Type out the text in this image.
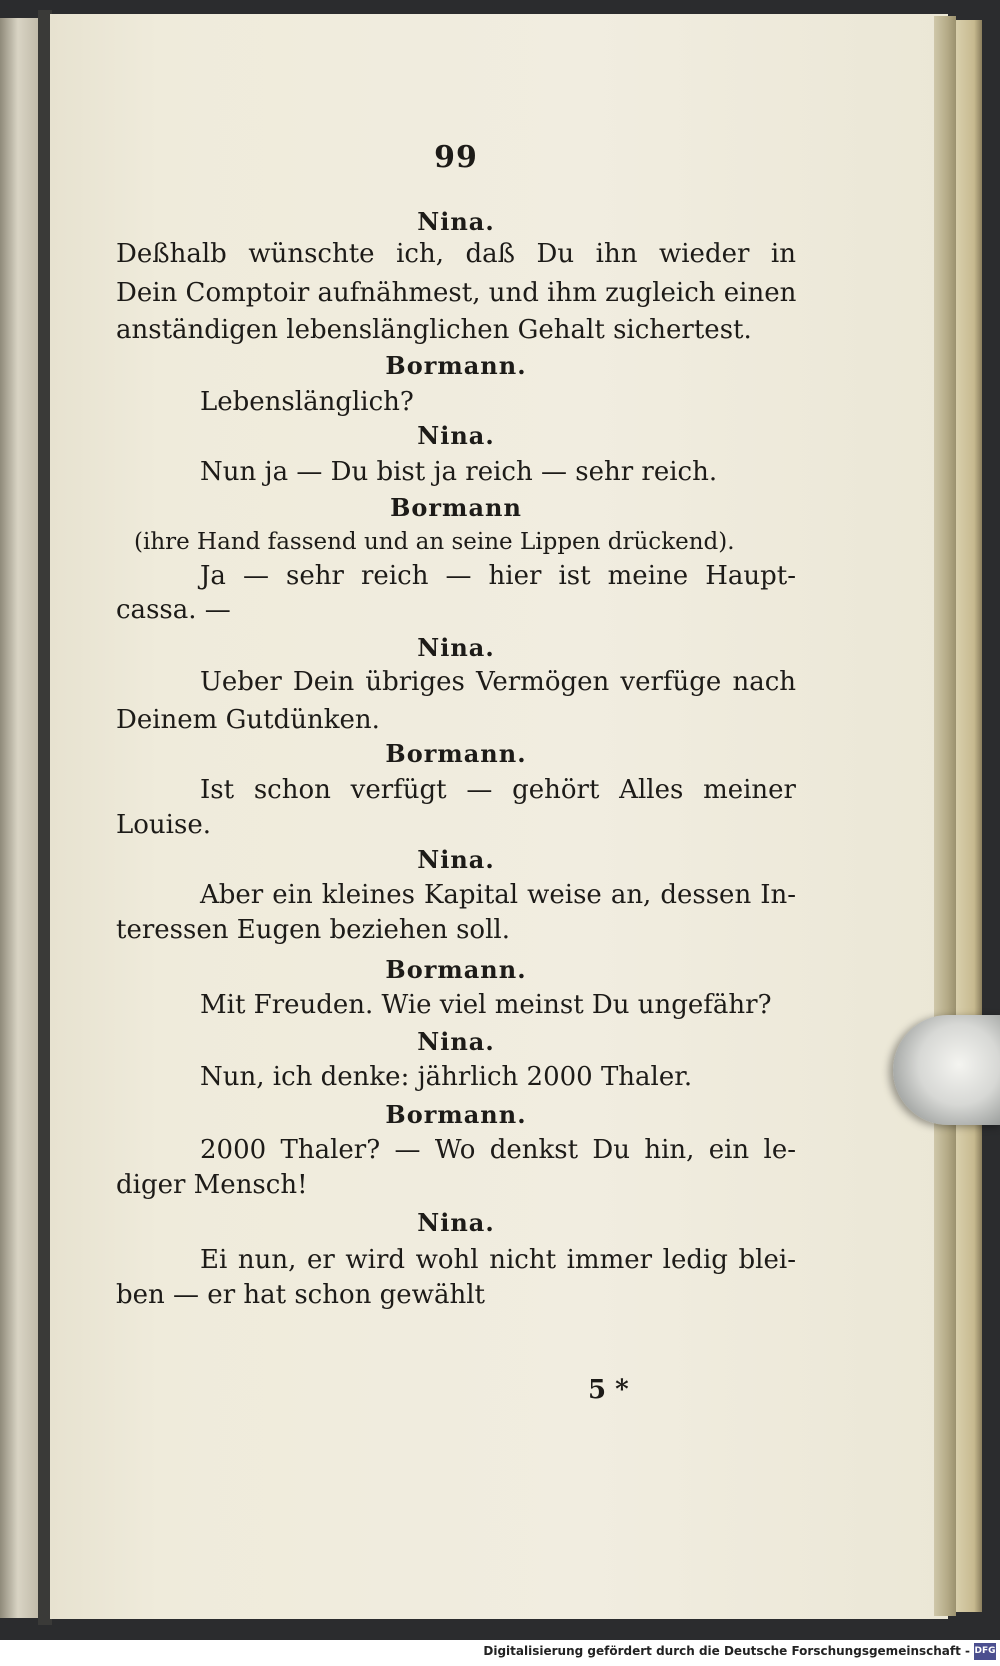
99
Nina.
Deßhalb wünschte ich, daß Du ihn wieder in
Dein Comptoir aufnähmest, und ihm zugleich einen
anständigen lebenslänglichen Gehalt sichertest.
Bormann.
Lebenslänglich?
Nina.
Nun ja — Du bist ja reich — sehr reich.
Bormann
(ihre Hand fassend und an seine Lippen drückend).
Ja — sehr reich — hier ist meine Haupt-
cassa. —
Nina.
Ueber Dein übriges Vermögen verfüge nach
Deinem Gutdünken.
Bormann.
Ist schon verfügt — gehört Alles meiner
Louise.
Nina.
Aber ein kleines Kapital weise an, dessen In-
teressen Eugen beziehen soll.
Bormann.
Mit Freuden. Wie viel meinst Du ungefähr?
Nina.
Nun, ich denke: jährlich 2000 Thaler.
Bormann.
2000 Thaler? — Wo denkst Du hin, ein le-
diger Mensch!
Nina.
Ei nun, er wird wohl nicht immer ledig blei-
ben — er hat schon gewählt
5 *
Digitalisierung gefördert durch die Deutsche Forschungsgemeinschaft - DFG
